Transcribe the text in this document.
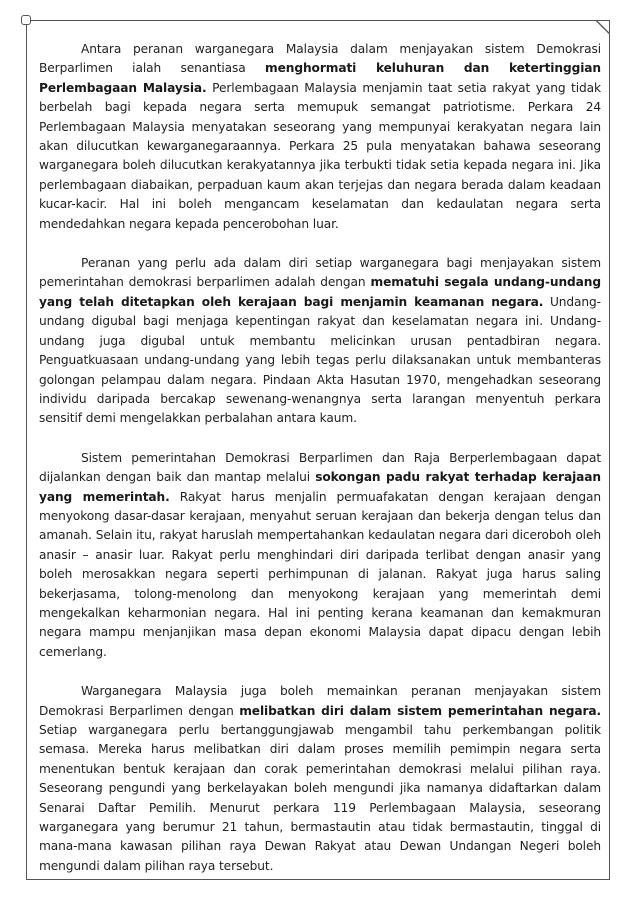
Antara peranan warganegara Malaysia dalam menjayakan sistem Demokrasi Berparlimen ialah senantiasa menghormati keluhuran dan ketertinggian Perlembagaan Malaysia. Perlembagaan Malaysia menjamin taat setia rakyat yang tidak berbelah bagi kepada negara serta memupuk semangat patriotisme. Perkara 24 Perlembagaan Malaysia menyatakan seseorang yang mempunyai kerakyatan negara lain akan dilucutkan kewarganegaraannya. Perkara 25 pula menyatakan bahawa seseorang warganegara boleh dilucutkan kerakyatannya jika terbukti tidak setia kepada negara ini. Jika perlembagaan diabaikan, perpaduan kaum akan terjejas dan negara berada dalam keadaan kucar-kacir. Hal ini boleh mengancam keselamatan dan kedaulatan negara serta mendedahkan negara kepada pencerobohan luar.

Peranan yang perlu ada dalam diri setiap warganegara bagi menjayakan sistem pemerintahan demokrasi berparlimen adalah dengan mematuhi segala undang-undang yang telah ditetapkan oleh kerajaan bagi menjamin keamanan negara. Undang-undang digubal bagi menjaga kepentingan rakyat dan keselamatan negara ini. Undang-undang juga digubal untuk membantu melicinkan urusan pentadbiran negara. Penguatkuasaan undang-undang yang lebih tegas perlu dilaksanakan untuk membanteras golongan pelampau dalam negara. Pindaan Akta Hasutan 1970, mengehadkan seseorang individu daripada bercakap sewenang-wenangnya serta larangan menyentuh perkara sensitif demi mengelakkan perbalahan antara kaum.

Sistem pemerintahan Demokrasi Berparlimen dan Raja Berperlembagaan dapat dijalankan dengan baik dan mantap melalui sokongan padu rakyat terhadap kerajaan yang memerintah. Rakyat harus menjalin permuafakatan dengan kerajaan dengan menyokong dasar-dasar kerajaan, menyahut seruan kerajaan dan bekerja dengan telus dan amanah. Selain itu, rakyat haruslah mempertahankan kedaulatan negara dari diceroboh oleh anasir – anasir luar. Rakyat perlu menghindari diri daripada terlibat dengan anasir yang boleh merosakkan negara seperti perhimpunan di jalanan. Rakyat juga harus saling bekerjasama, tolong-menolong dan menyokong kerajaan yang memerintah demi mengekalkan keharmonian negara. Hal ini penting kerana keamanan dan kemakmuran negara mampu menjanjikan masa depan ekonomi Malaysia dapat dipacu dengan lebih cemerlang.

Warganegara Malaysia juga boleh memainkan peranan menjayakan sistem Demokrasi Berparlimen dengan melibatkan diri dalam sistem pemerintahan negara. Setiap warganegara perlu bertanggungjawab mengambil tahu perkembangan politik semasa. Mereka harus melibatkan diri dalam proses memilih pemimpin negara serta menentukan bentuk kerajaan dan corak pemerintahan demokrasi melalui pilihan raya. Seseorang pengundi yang berkelayakan boleh mengundi jika namanya didaftarkan dalam Senarai Daftar Pemilih. Menurut perkara 119 Perlembagaan Malaysia, seseorang warganegara yang berumur 21 tahun, bermastautin atau tidak bermastautin, tinggal di mana-mana kawasan pilihan raya Dewan Rakyat atau Dewan Undangan Negeri boleh mengundi dalam pilihan raya tersebut.
